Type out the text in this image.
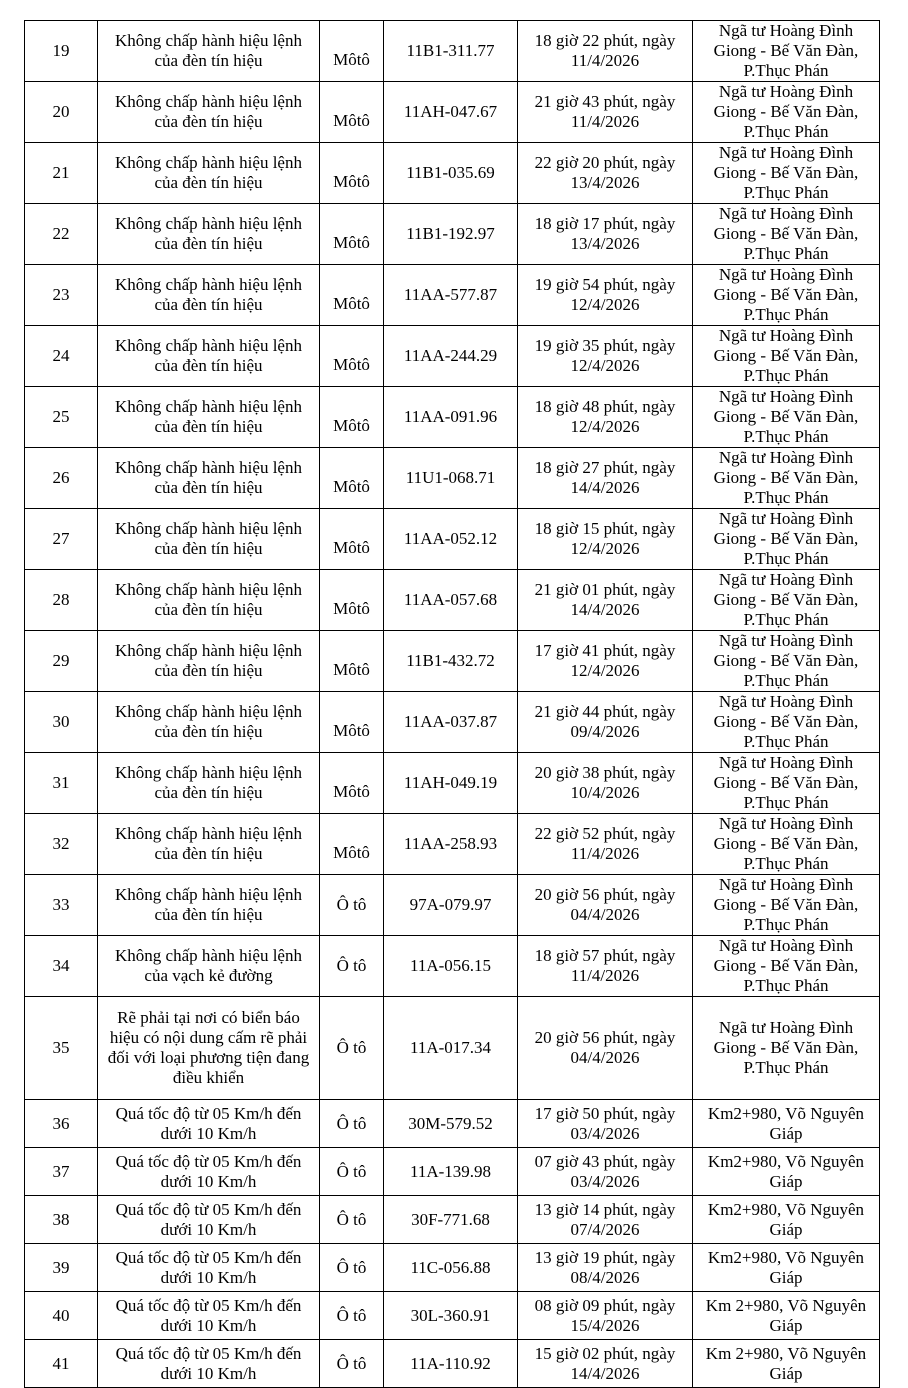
19	Không chấp hành hiệu lệnh của đèn tín hiệu	Môtô	11B1-311.77	18 giờ 22 phút, ngày 11/4/2026	Ngã tư Hoàng Đình Giong - Bế Văn Đàn, P.Thục Phán
20	Không chấp hành hiệu lệnh của đèn tín hiệu	Môtô	11AH-047.67	21 giờ 43 phút, ngày 11/4/2026	Ngã tư Hoàng Đình Giong - Bế Văn Đàn, P.Thục Phán
21	Không chấp hành hiệu lệnh của đèn tín hiệu	Môtô	11B1-035.69	22 giờ 20 phút, ngày 13/4/2026	Ngã tư Hoàng Đình Giong - Bế Văn Đàn, P.Thục Phán
22	Không chấp hành hiệu lệnh của đèn tín hiệu	Môtô	11B1-192.97	18 giờ 17 phút, ngày 13/4/2026	Ngã tư Hoàng Đình Giong - Bế Văn Đàn, P.Thục Phán
23	Không chấp hành hiệu lệnh của đèn tín hiệu	Môtô	11AA-577.87	19 giờ 54 phút, ngày 12/4/2026	Ngã tư Hoàng Đình Giong - Bế Văn Đàn, P.Thục Phán
24	Không chấp hành hiệu lệnh của đèn tín hiệu	Môtô	11AA-244.29	19 giờ 35 phút, ngày 12/4/2026	Ngã tư Hoàng Đình Giong - Bế Văn Đàn, P.Thục Phán
25	Không chấp hành hiệu lệnh của đèn tín hiệu	Môtô	11AA-091.96	18 giờ 48 phút, ngày 12/4/2026	Ngã tư Hoàng Đình Giong - Bế Văn Đàn, P.Thục Phán
26	Không chấp hành hiệu lệnh của đèn tín hiệu	Môtô	11U1-068.71	18 giờ 27 phút, ngày 14/4/2026	Ngã tư Hoàng Đình Giong - Bế Văn Đàn, P.Thục Phán
27	Không chấp hành hiệu lệnh của đèn tín hiệu	Môtô	11AA-052.12	18 giờ 15 phút, ngày 12/4/2026	Ngã tư Hoàng Đình Giong - Bế Văn Đàn, P.Thục Phán
28	Không chấp hành hiệu lệnh của đèn tín hiệu	Môtô	11AA-057.68	21 giờ 01 phút, ngày 14/4/2026	Ngã tư Hoàng Đình Giong - Bế Văn Đàn, P.Thục Phán
29	Không chấp hành hiệu lệnh của đèn tín hiệu	Môtô	11B1-432.72	17 giờ 41 phút, ngày 12/4/2026	Ngã tư Hoàng Đình Giong - Bế Văn Đàn, P.Thục Phán
30	Không chấp hành hiệu lệnh của đèn tín hiệu	Môtô	11AA-037.87	21 giờ 44 phút, ngày 09/4/2026	Ngã tư Hoàng Đình Giong - Bế Văn Đàn, P.Thục Phán
31	Không chấp hành hiệu lệnh của đèn tín hiệu	Môtô	11AH-049.19	20 giờ 38 phút, ngày 10/4/2026	Ngã tư Hoàng Đình Giong - Bế Văn Đàn, P.Thục Phán
32	Không chấp hành hiệu lệnh của đèn tín hiệu	Môtô	11AA-258.93	22 giờ 52 phút, ngày 11/4/2026	Ngã tư Hoàng Đình Giong - Bế Văn Đàn, P.Thục Phán
33	Không chấp hành hiệu lệnh của đèn tín hiệu	Ô tô	97A-079.97	20 giờ 56 phút, ngày 04/4/2026	Ngã tư Hoàng Đình Giong - Bế Văn Đàn, P.Thục Phán
34	Không chấp hành hiệu lệnh của vạch kẻ đường	Ô tô	11A-056.15	18 giờ 57 phút, ngày 11/4/2026	Ngã tư Hoàng Đình Giong - Bế Văn Đàn, P.Thục Phán
35	Rẽ phải tại nơi có biển báo hiệu có nội dung cấm rẽ phải đối với loại phương tiện đang điều khiển	Ô tô	11A-017.34	20 giờ 56 phút, ngày 04/4/2026	Ngã tư Hoàng Đình Giong - Bế Văn Đàn, P.Thục Phán
36	Quá tốc độ từ 05 Km/h đến dưới 10 Km/h	Ô tô	30M-579.52	17 giờ 50 phút, ngày 03/4/2026	Km2+980, Võ Nguyên Giáp
37	Quá tốc độ từ 05 Km/h đến dưới 10 Km/h	Ô tô	11A-139.98	07 giờ 43 phút, ngày 03/4/2026	Km2+980, Võ Nguyên Giáp
38	Quá tốc độ từ 05 Km/h đến dưới 10 Km/h	Ô tô	30F-771.68	13 giờ 14 phút, ngày 07/4/2026	Km2+980, Võ Nguyên Giáp
39	Quá tốc độ từ 05 Km/h đến dưới 10 Km/h	Ô tô	11C-056.88	13 giờ 19 phút, ngày 08/4/2026	Km2+980, Võ Nguyên Giáp
40	Quá tốc độ từ 05 Km/h đến dưới 10 Km/h	Ô tô	30L-360.91	08 giờ 09 phút, ngày 15/4/2026	Km 2+980, Võ Nguyên Giáp
41	Quá tốc độ từ 05 Km/h đến dưới 10 Km/h	Ô tô	11A-110.92	15 giờ 02 phút, ngày 14/4/2026	Km 2+980, Võ Nguyên Giáp
